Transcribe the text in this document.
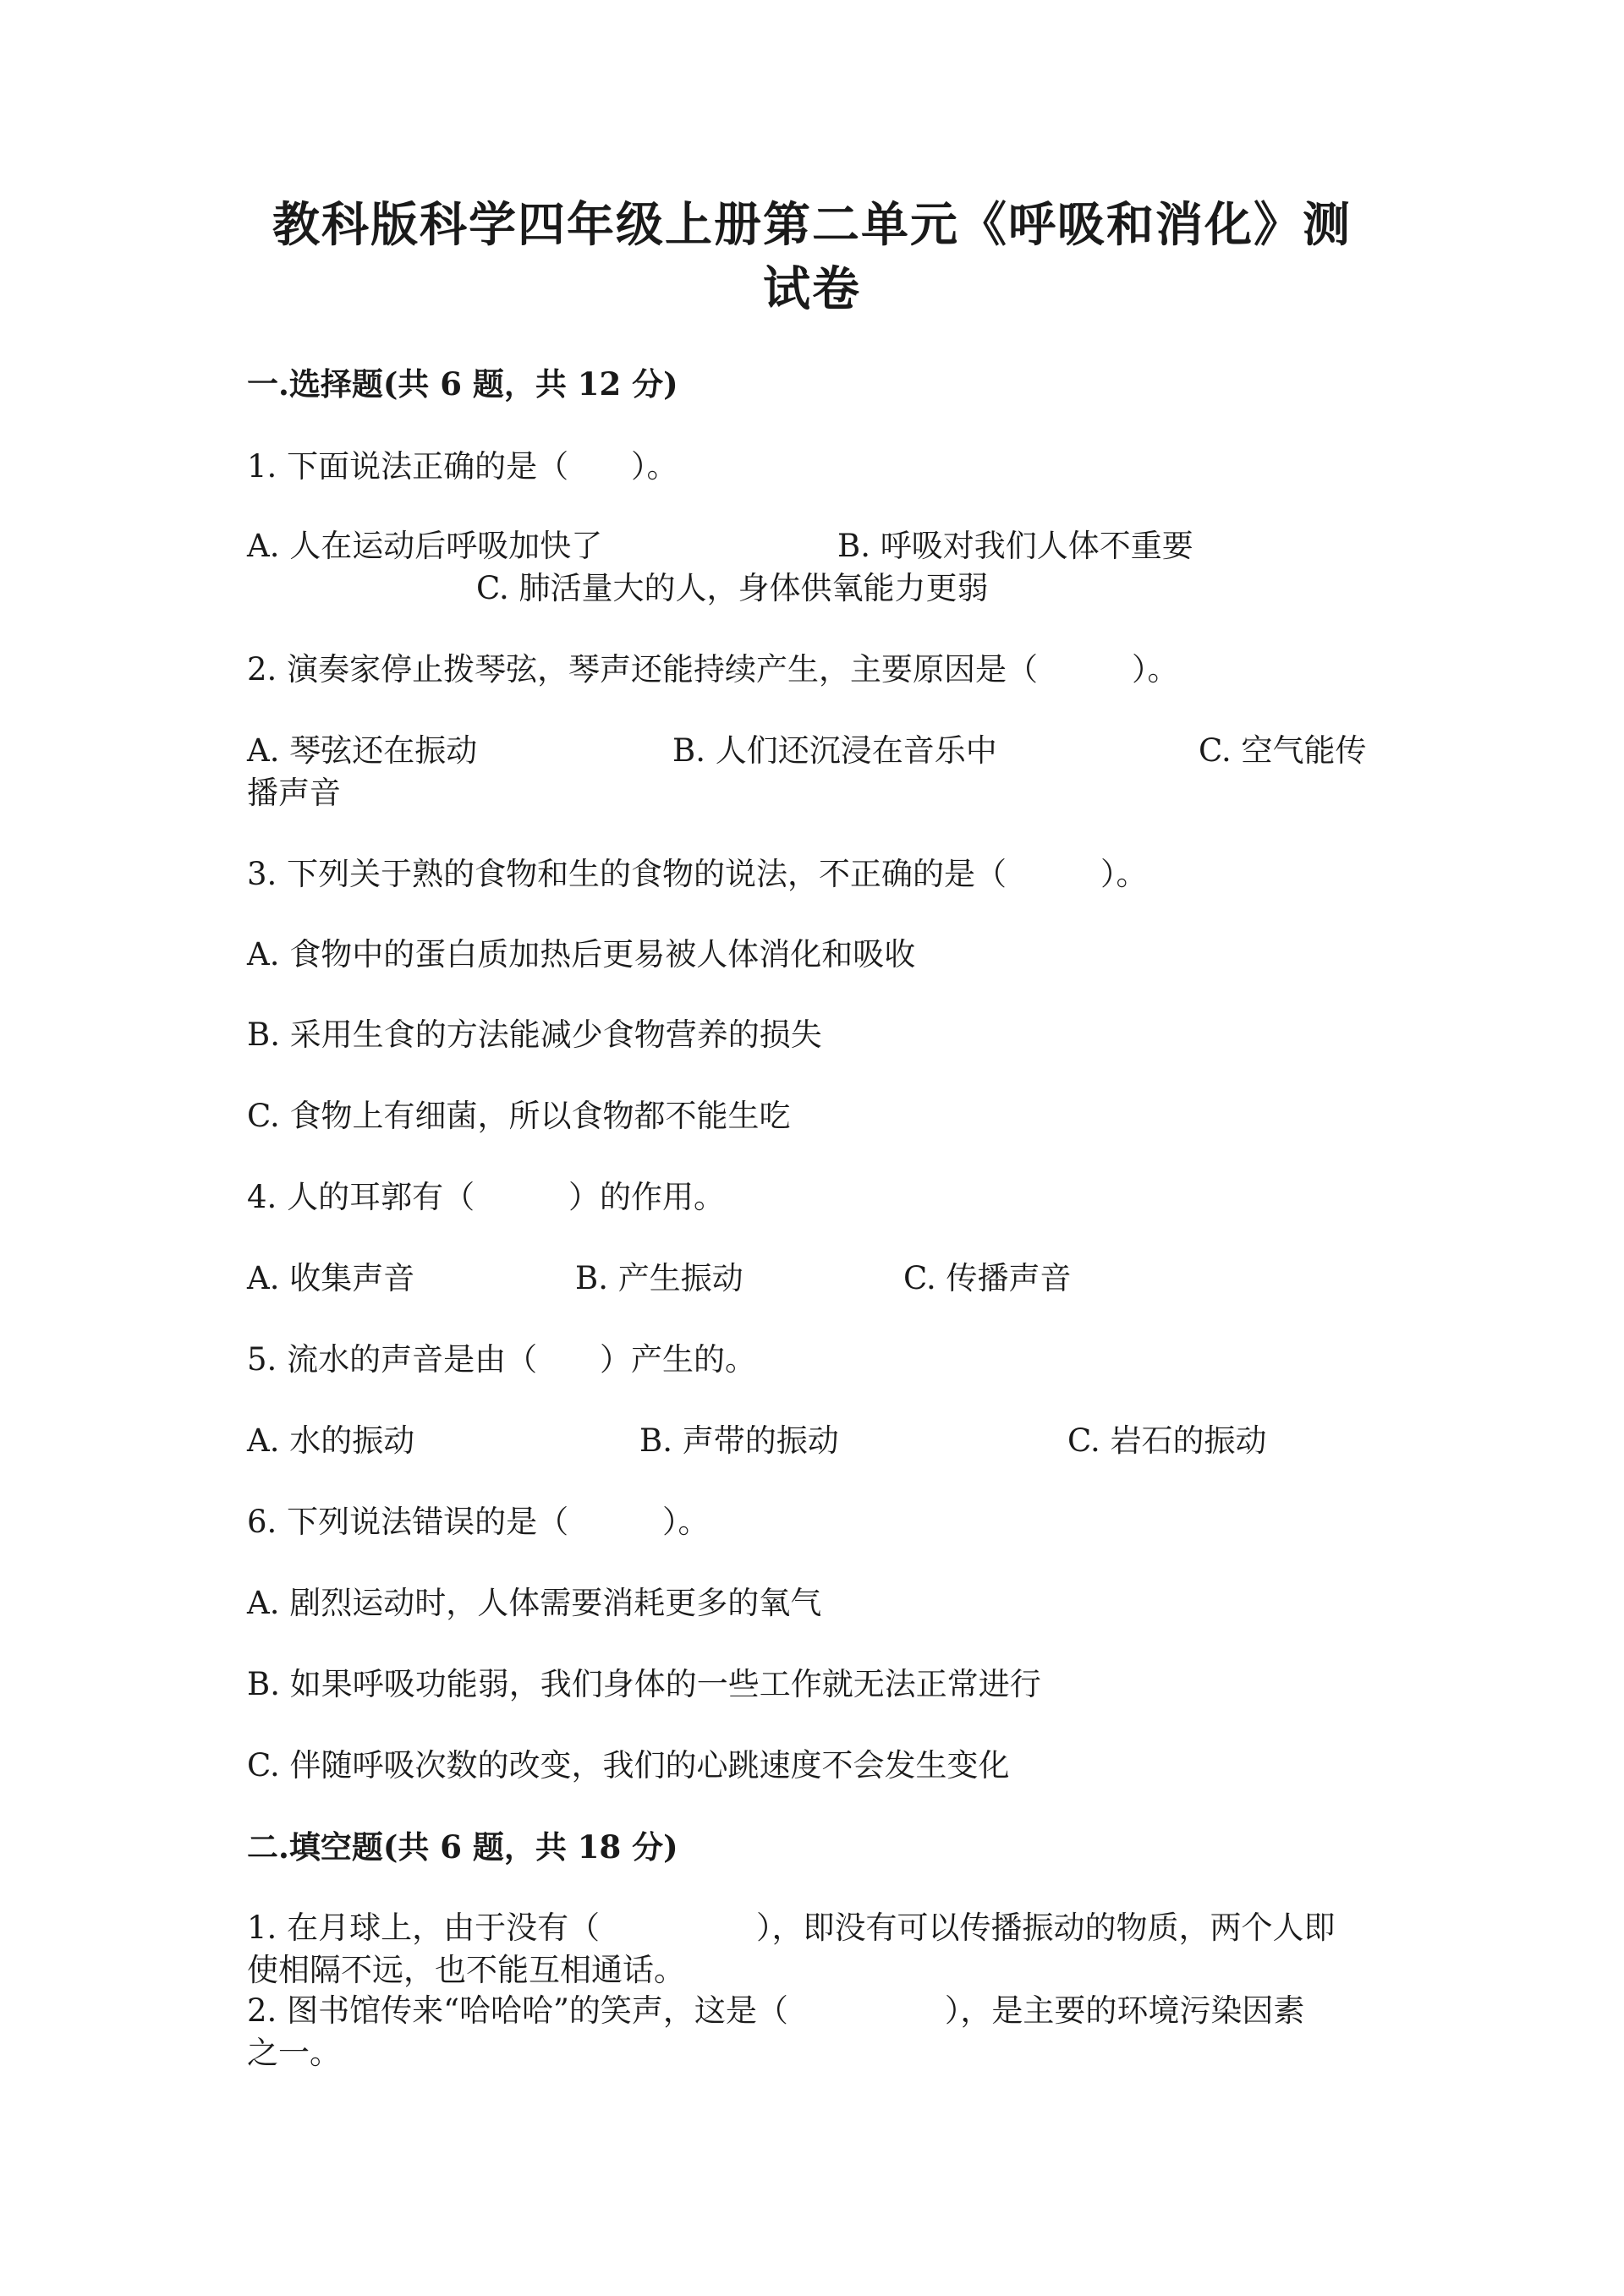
教科版科学四年级上册第二单元《呼吸和消化》测
试卷
一.选择题(共 6 题，共 12 分)
1. 下面说法正确的是（　　）。
A. 人在运动后呼吸加快了	B. 呼吸对我们人体不重要
C. 肺活量大的人，身体供氧能力更弱
2. 演奏家停止拨琴弦，琴声还能持续产生，主要原因是（　　　）。
A. 琴弦还在振动	B. 人们还沉浸在音乐中	C. 空气能传
播声音
3. 下列关于熟的食物和生的食物的说法，不正确的是（　　　）。
A. 食物中的蛋白质加热后更易被人体消化和吸收
B. 采用生食的方法能减少食物营养的损失
C. 食物上有细菌，所以食物都不能生吃
4. 人的耳郭有（　　　）的作用。
A. 收集声音	B. 产生振动	C. 传播声音
5. 流水的声音是由（　　）产生的。
A. 水的振动	B. 声带的振动	C. 岩石的振动
6. 下列说法错误的是（　　　）。
A. 剧烈运动时，人体需要消耗更多的氧气
B. 如果呼吸功能弱，我们身体的一些工作就无法正常进行
C. 伴随呼吸次数的改变，我们的心跳速度不会发生变化
二.填空题(共 6 题，共 18 分)
1. 在月球上，由于没有（　　　　　），即没有可以传播振动的物质，两个人即
使相隔不远，也不能互相通话。
2. 图书馆传来“哈哈哈”的笑声，这是（　　　　　），是主要的环境污染因素
之一。
